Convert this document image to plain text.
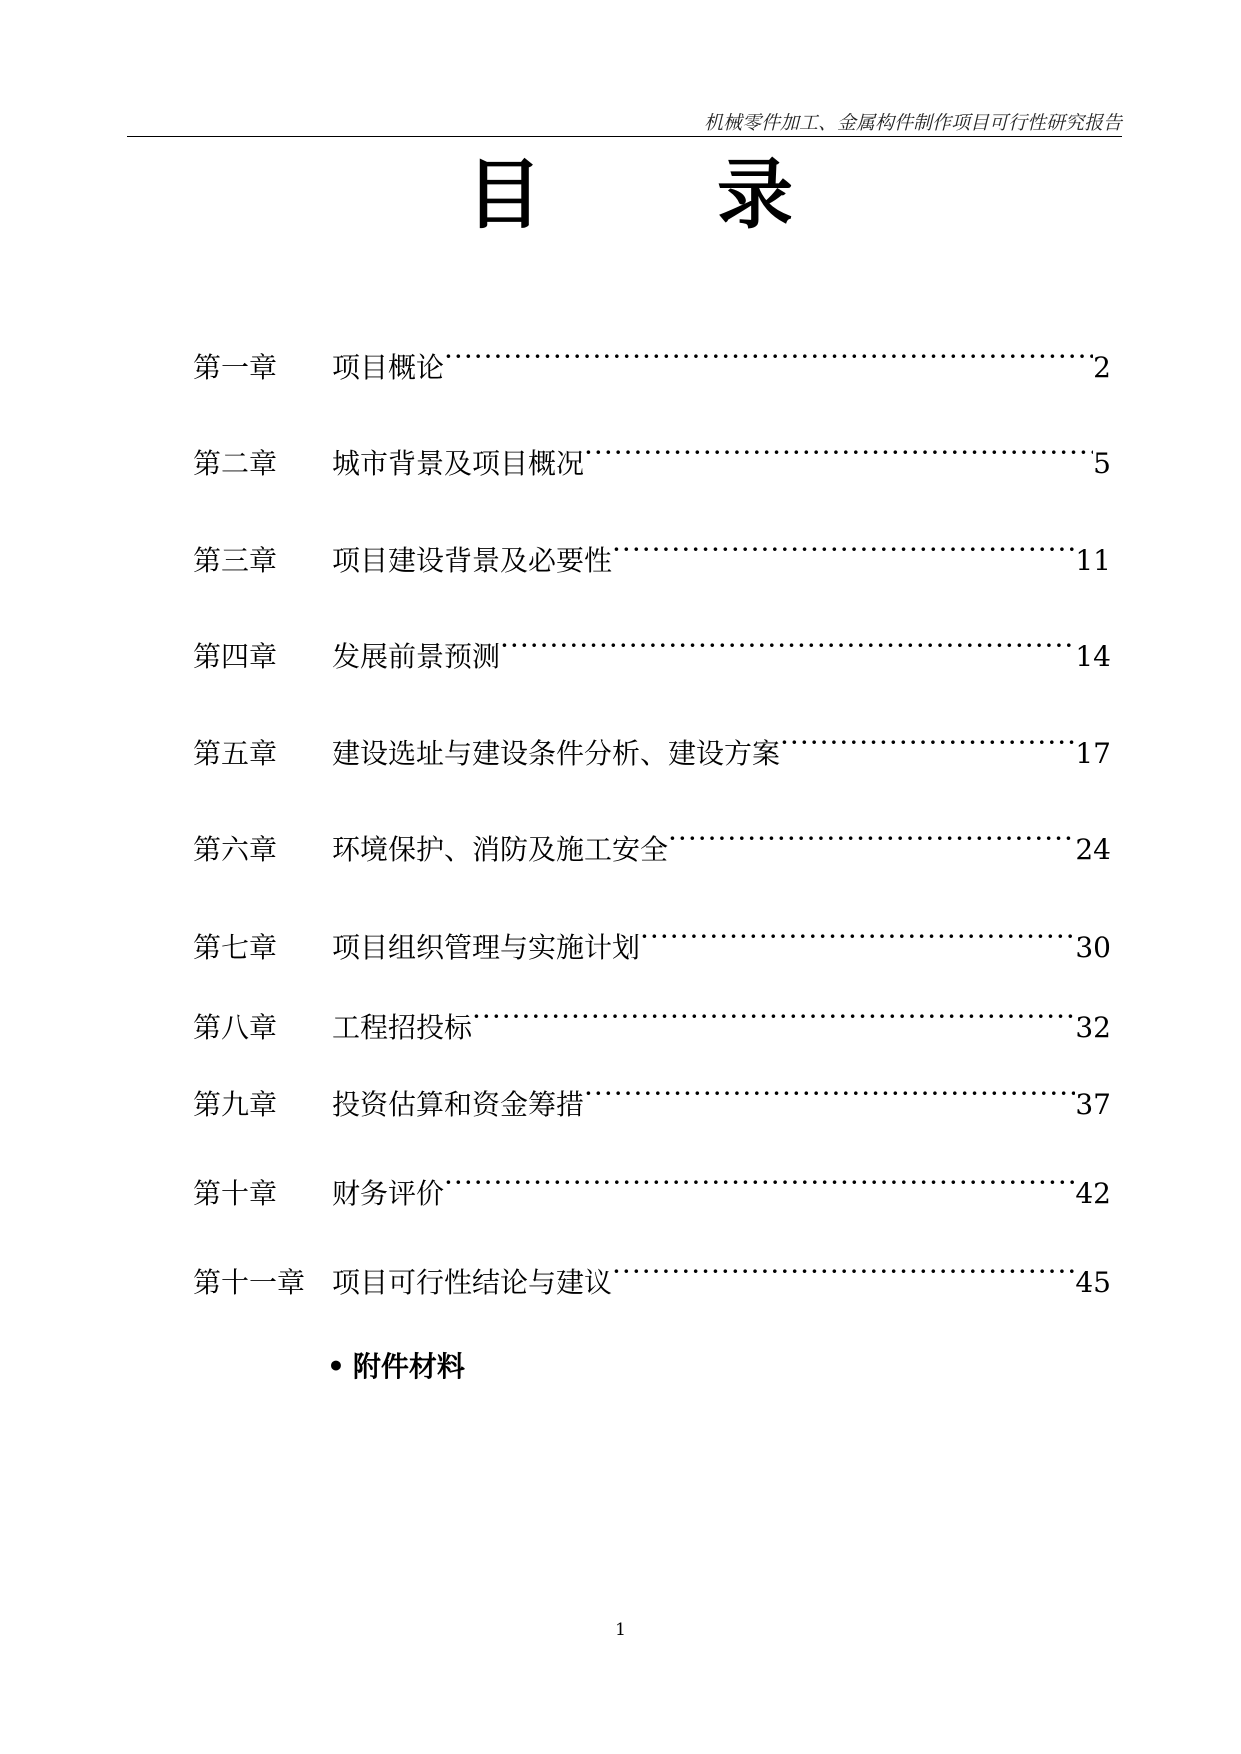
机械零件加工、金属构件制作项目可行性研究报告
目 录
第一章	项目概论 ·····	2
第二章	城市背景及项目概况 ·····	5
第三章	项目建设背景及必要性 ·····	11
第四章	发展前景预测 ·····	14
第五章	建设选址与建设条件分析、建设方案 ·····	17
第六章	环境保护、消防及施工安全 ·····	24
第七章	项目组织管理与实施计划 ·····	30
第八章	工程招投标 ·····	32
第九章	投资估算和资金筹措 ·····	37
第十章	财务评价 ·····	42
第十一章 项目可行性结论与建议 ·····	45
• 附件材料
1
